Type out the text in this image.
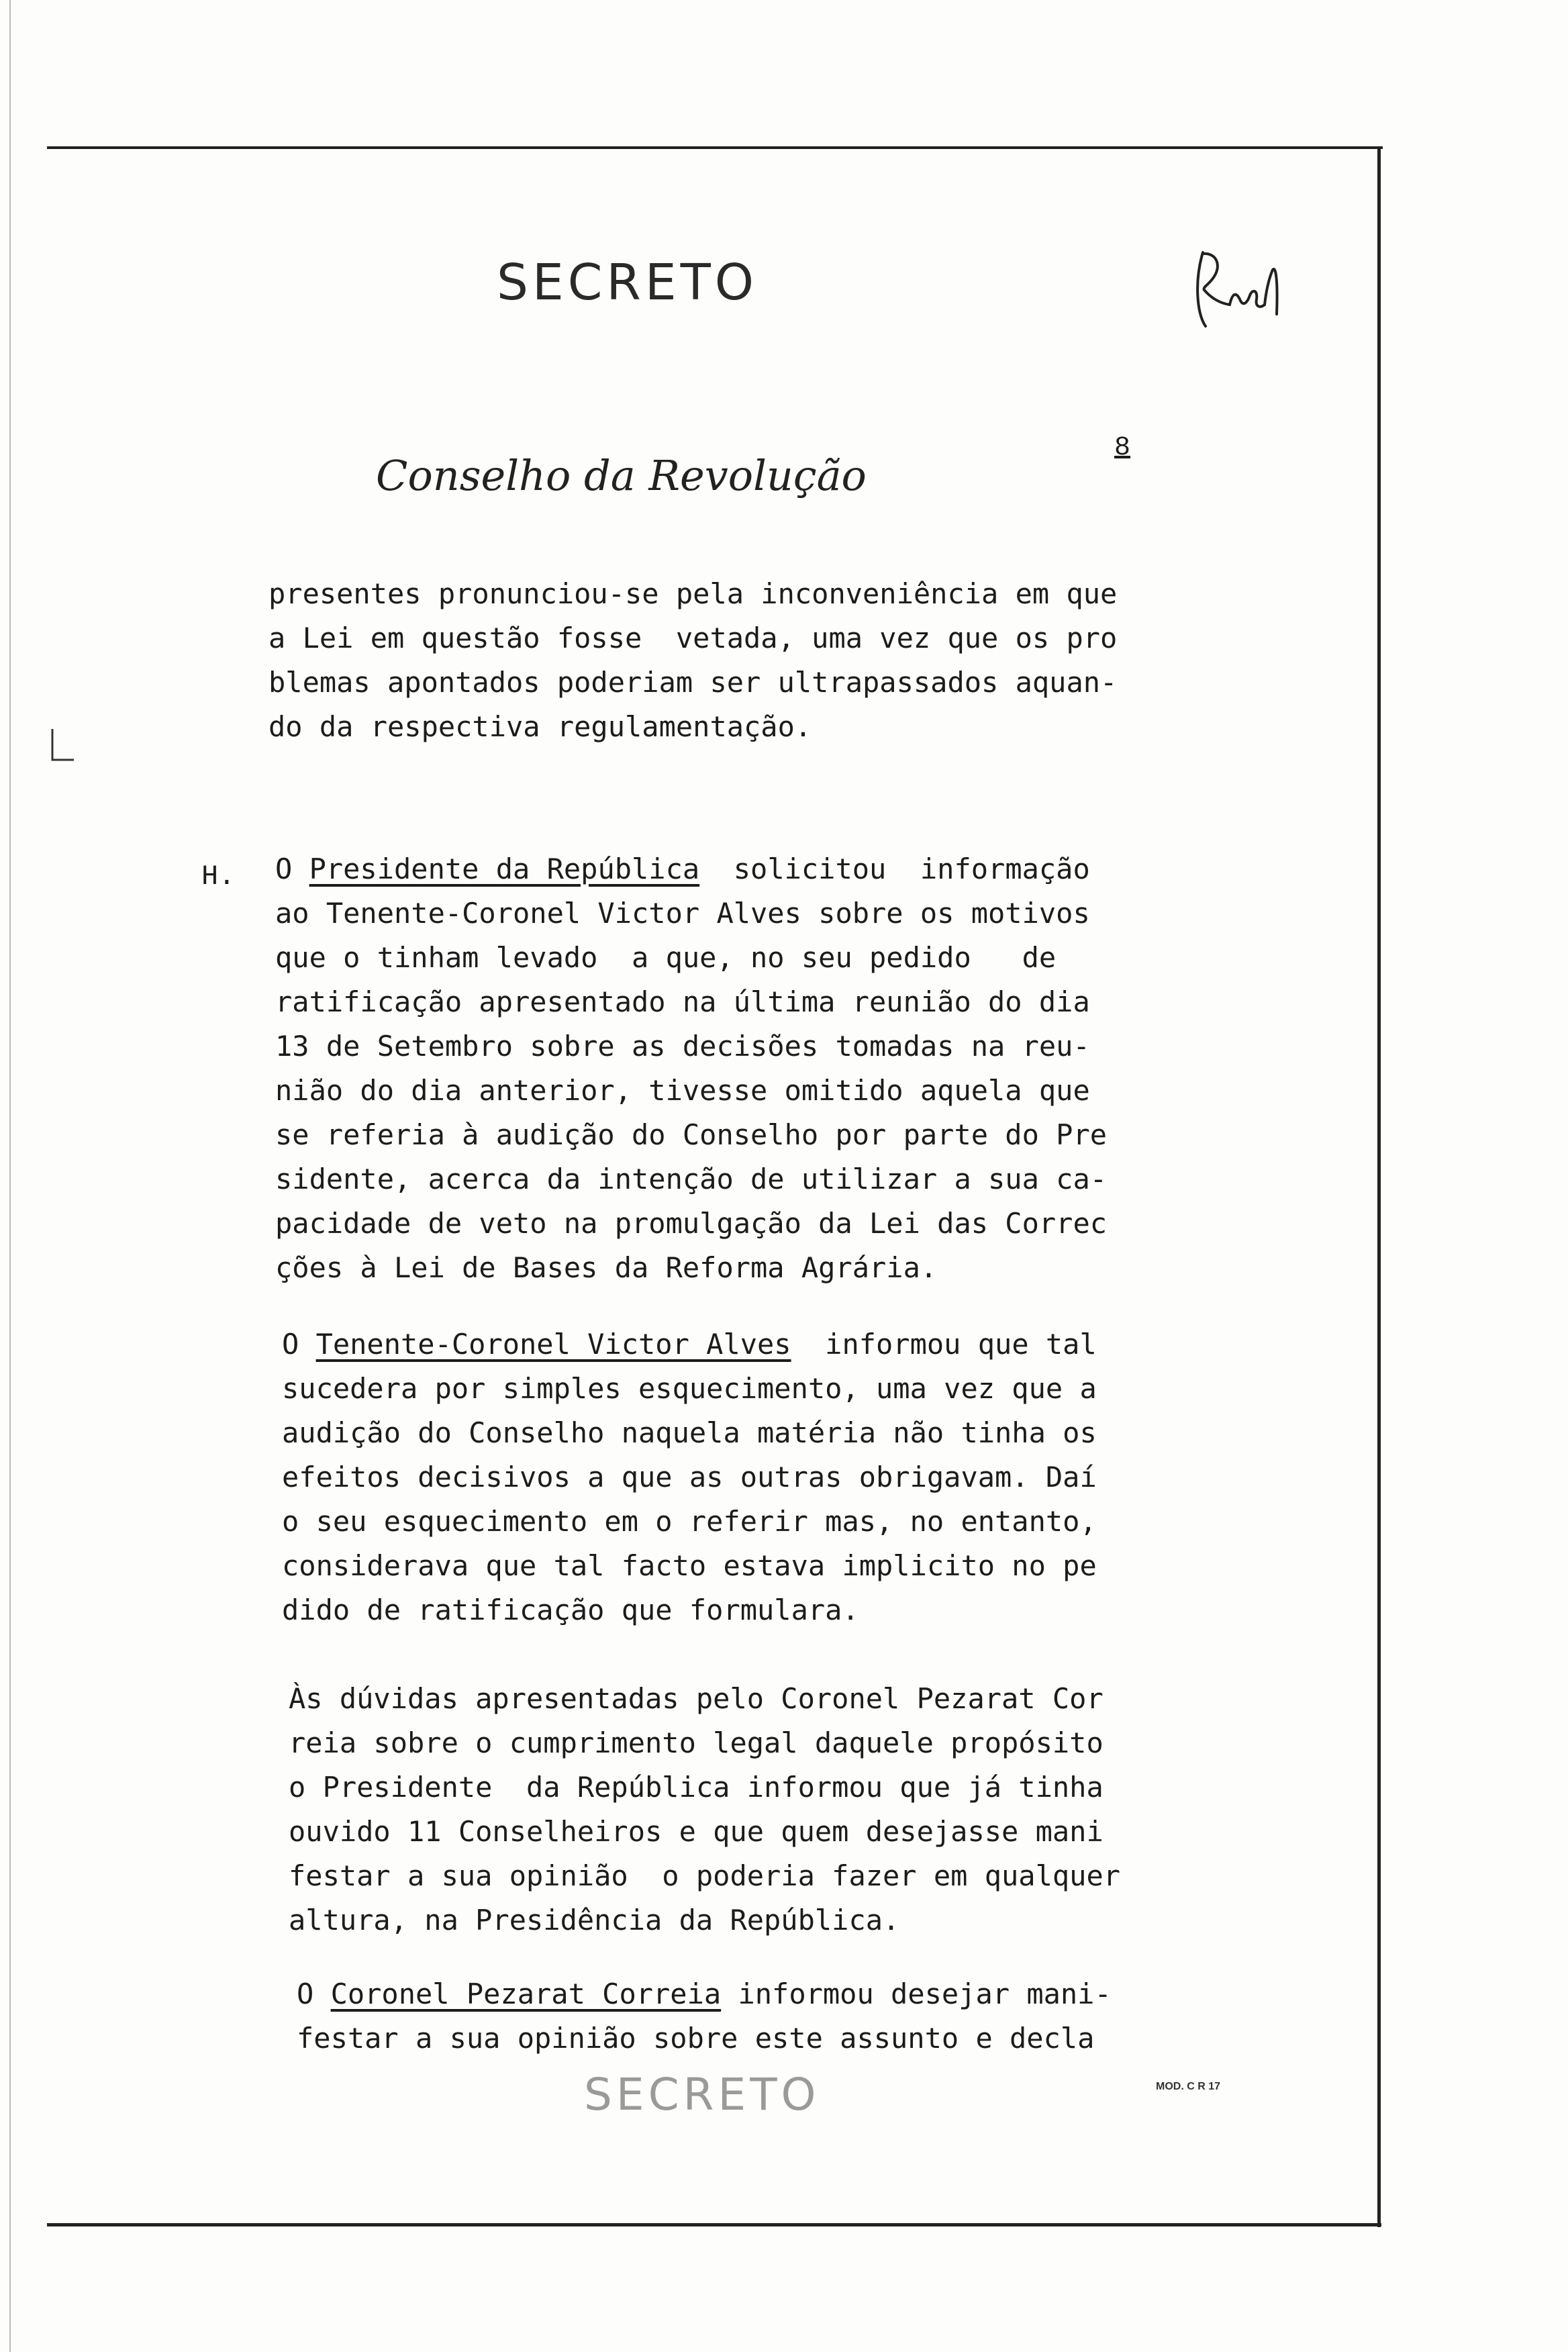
SECRETO
Conselho da Revolução
8
presentes pronunciou-se pela inconveniência em que
a Lei em questão fosse  vetada, uma vez que os pro
blemas apontados poderiam ser ultrapassados aquan-
do da respectiva regulamentação.
H. O Presidente da República  solicitou  informação
ao Tenente-Coronel Victor Alves sobre os motivos
que o tinham levado  a que, no seu pedido   de
ratificação apresentado na última reunião do dia
13 de Setembro sobre as decisões tomadas na reu-
nião do dia anterior, tivesse omitido aquela que
se referia à audição do Conselho por parte do Pre
sidente, acerca da intenção de utilizar a sua ca-
pacidade de veto na promulgação da Lei das Correc
ções à Lei de Bases da Reforma Agrária.
O Tenente-Coronel Victor Alves  informou que tal
sucedera por simples esquecimento, uma vez que a
audição do Conselho naquela matéria não tinha os
efeitos decisivos a que as outras obrigavam. Daí
o seu esquecimento em o referir mas, no entanto,
considerava que tal facto estava implicito no pe
dido de ratificação que formulara.
Às dúvidas apresentadas pelo Coronel Pezarat Cor
reia sobre o cumprimento legal daquele propósito
o Presidente  da República informou que já tinha
ouvido 11 Conselheiros e que quem desejasse mani
festar a sua opinião  o poderia fazer em qualquer
altura, na Presidência da República.
O Coronel Pezarat Correia informou desejar mani-
festar a sua opinião sobre este assunto e decla
SECRETO	MOD. C R 17
